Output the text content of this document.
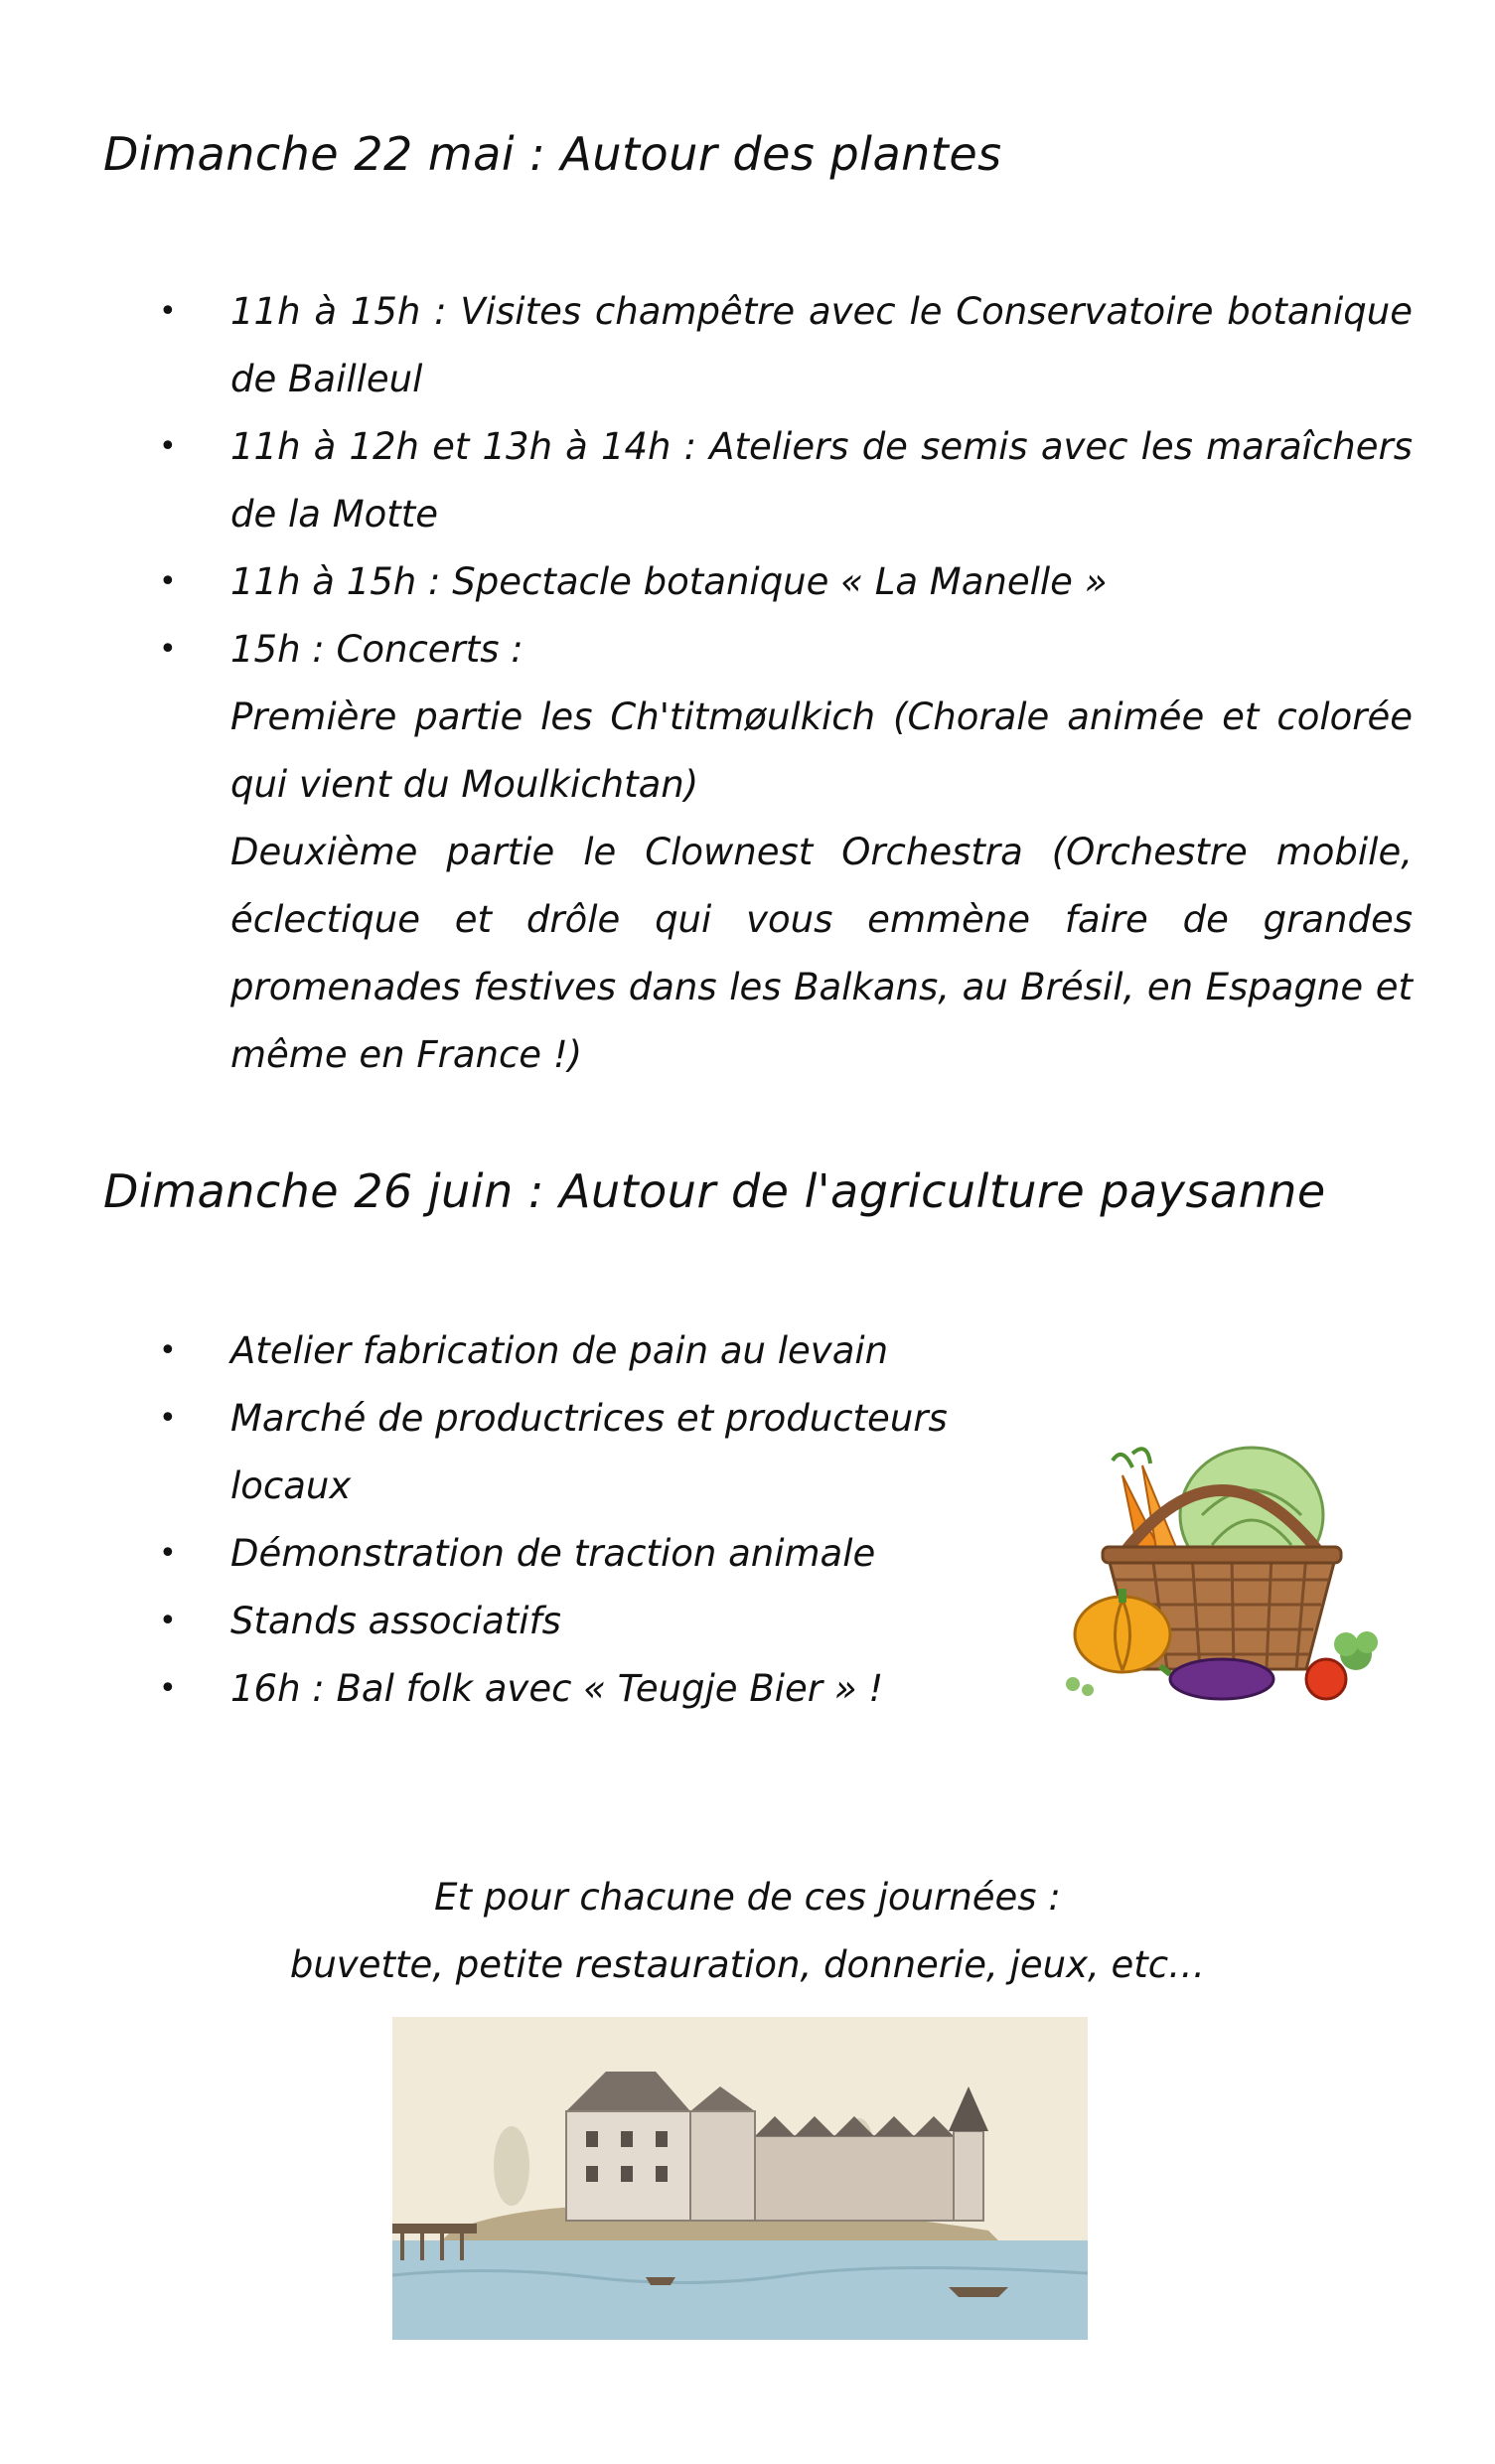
Dimanche 22 mai : Autour des plantes
• 11h à 15h : Visites champêtre avec le Conservatoire botanique de Bailleul
• 11h à 12h et 13h à 14h : Ateliers de semis avec les maraîchers de la Motte
• 11h à 15h : Spectacle botanique « La Manelle »
• 15h : Concerts :
Première partie les Ch'titmøulkich (Chorale animée et colorée qui vient du Moulkichtan)
Deuxième partie le Clownest Orchestra (Orchestre mobile, éclectique et drôle qui vous emmène faire de grandes promenades festives dans les Balkans, au Brésil, en Espagne et même en France !)
Dimanche 26 juin : Autour de l'agriculture paysanne
• Atelier fabrication de pain au levain
• Marché de productrices et producteurs locaux
• Démonstration de traction animale
• Stands associatifs
• 16h : Bal folk avec « Teugje Bier » !
Et pour chacune de ces journées :
buvette, petite restauration, donnerie, jeux, etc…
